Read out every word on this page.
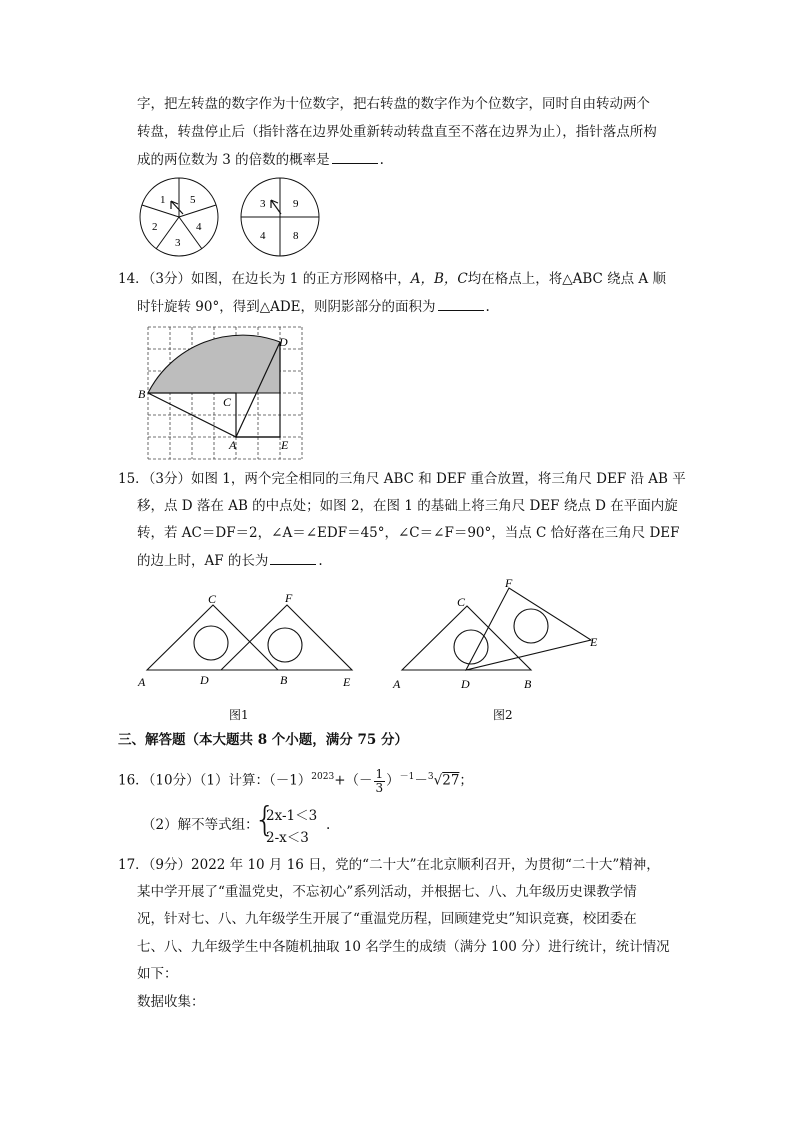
字，把左转盘的数字作为十位数字，把右转盘的数字作为个位数字，同时自由转动两个
转盘，转盘停止后（指针落在边界处重新转动转盘直至不落在边界为止），指针落点所构
成的两位数为 3 的倍数的概率是	.
1 5
4
3
2
3	9
8
4
14．（3分）如图，在边长为 1 的正方形网格中，A，B，C均在格点上，将△ABC 绕点 A 顺
时针旋转 90°，得到△ADE，则阴影部分的面积为	.
B
C
A
D
E
15．（3分）如图 1，两个完全相同的三角尺 ABC 和 DEF 重合放置，将三角尺 DEF 沿 AB 平
移，点 D 落在 AB 的中点处；如图 2，在图 1 的基础上将三角尺 DEF 绕点 D 在平面内旋
转，若 AC＝DF＝2，∠A＝∠EDF＝45°，∠C＝∠F＝90°，当点 C 恰好落在三角尺 DEF
的边上时，AF 的长为	.
C	F
A	D	B	E
图1
C
F
E
A	D	B
图2
三、解答题（本大题共 8 个小题，满分 75 分）
16．（10分）（1）计算：$(-1)^{2023}+(- \frac{1}{3} )^{-1}-^3√27$；
（2）解不等式组：
{
2x-1＜3
2-x＜3
.
17．（9分）2022 年 10 月 16 日，党的“二十大”在北京顺利召开，为贯彻“二十大”精神，
某中学开展了“重温党史，不忘初心”系列活动，并根据七、八、九年级历史课教学情
况，针对七、八、九年级学生开展了“重温党历程，回顾建党史”知识竞赛，校团委在
七、八、九年级学生中各随机抽取 10 名学生的成绩（满分 100 分）进行统计，统计情况
如下：
数据收集：
